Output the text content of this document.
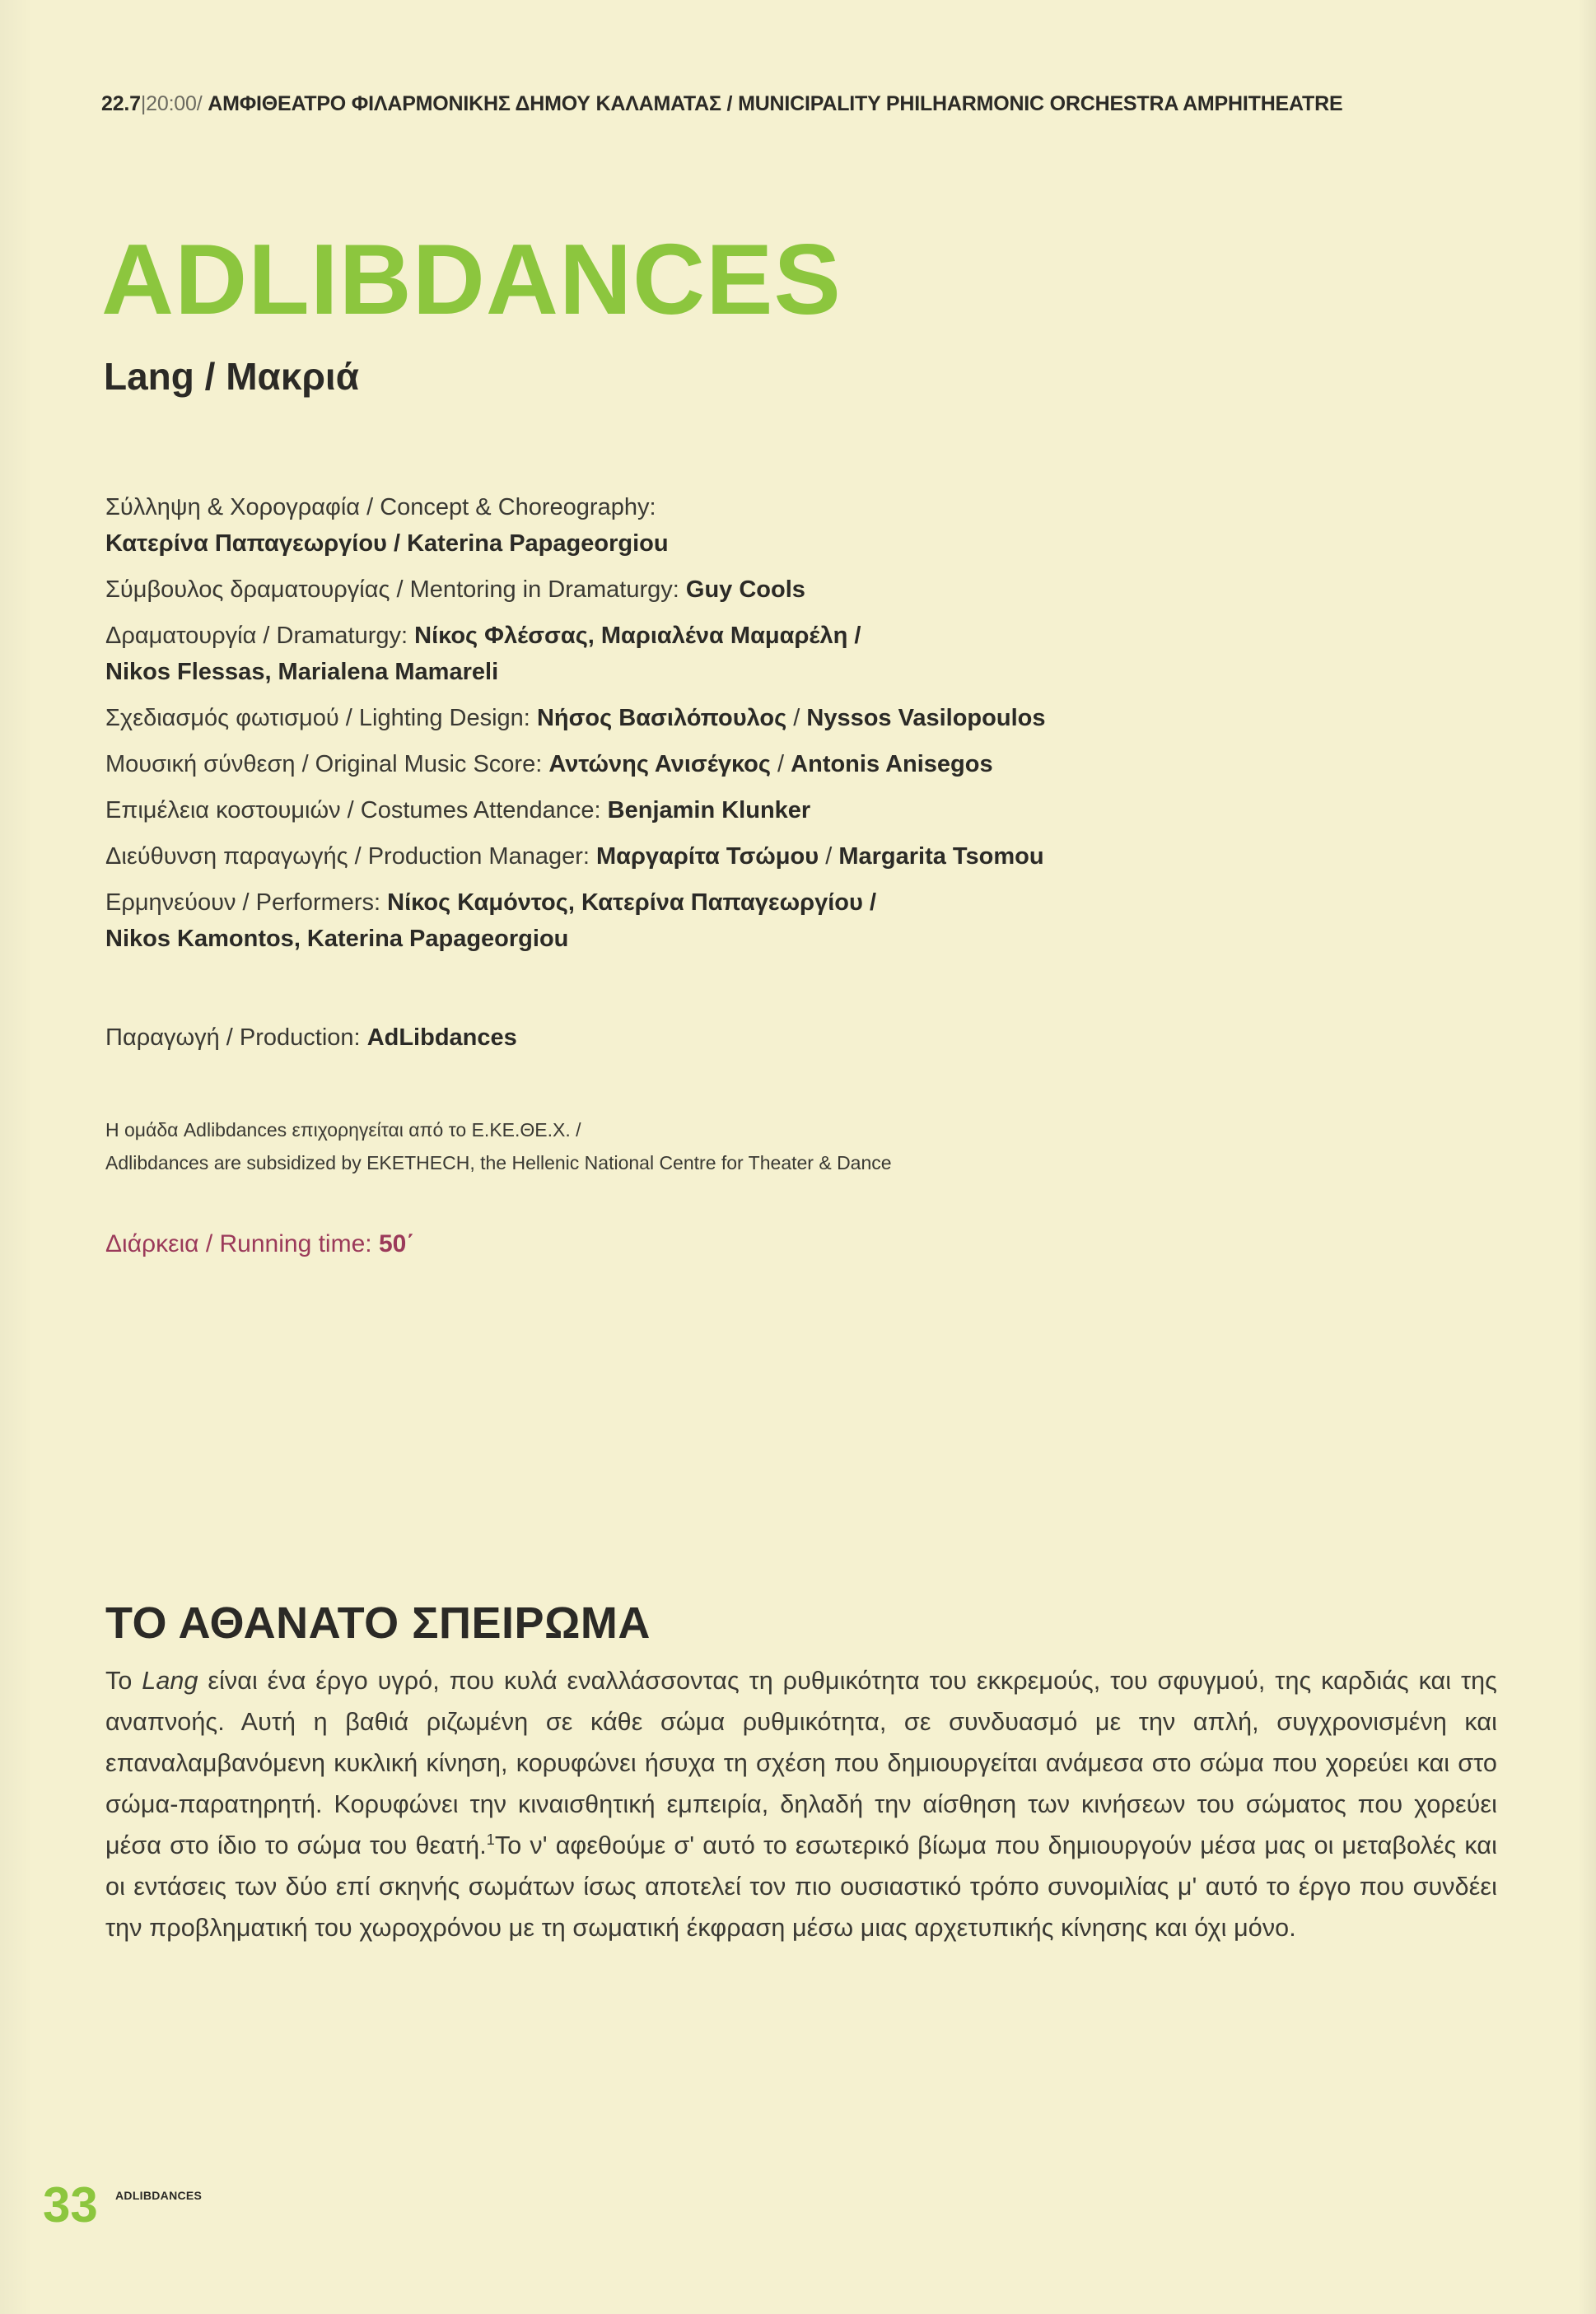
22.7|20:00/ ΑΜΦΙΘΕΑΤΡΟ ΦΙΛΑΡΜΟΝΙΚΗΣ ΔΗΜΟΥ ΚΑΛΑΜΑΤΑΣ / MUNICIPALITY PHILHARMONIC ORCHESTRA AMPHITHEATRE
ADLIBDANCES
Lang / Μακριά
Σύλληψη & Χορογραφία / Concept & Choreography:
Κατερίνα Παπαγεωργίου / Katerina Papageorgiou
Σύμβουλος δραματουργίας / Mentoring in Dramaturgy: Guy Cools
Δραματουργία / Dramaturgy: Νίκος Φλέσσας, Μαριαλένα Μαμαρέλη /
Nikos Flessas, Marialena Mamareli
Σχεδιασμός φωτισμού / Lighting Design: Νήσος Βασιλόπουλος / Nyssos Vasilopoulos
Μουσική σύνθεση / Original Music Score: Αντώνης Ανισέγκος / Antonis Anisegos
Επιμέλεια κοστουμιών / Costumes Attendance: Benjamin Klunker
Διεύθυνση παραγωγής / Production Manager: Μαργαρίτα Τσώμου / Margarita Tsomou
Ερμηνεύουν / Performers: Νίκος Καμόντος, Κατερίνα Παπαγεωργίου /
Nikos Kamontos, Katerina Papageorgiou
Παραγωγή / Production: AdLibdances
Η ομάδα Adlibdances επιχορηγείται από το Ε.ΚΕ.ΘΕ.Χ. /
Adlibdances are subsidized by EKETHECH, the Hellenic National Centre for Theater & Dance
Διάρκεια / Running time: 50΄
ΤΟ ΑΘΑΝΑΤΟ ΣΠΕΙΡΩΜΑ
Το Lang είναι ένα έργο υγρό, που κυλά εναλλάσσοντας τη ρυθμικότητα του εκκρεμούς, του σφυγμού, της καρδιάς και της αναπνοής. Αυτή η βαθιά ριζωμένη σε κάθε σώμα ρυθμικότητα, σε συνδυασμό με την απλή, συγχρονισμένη και επαναλαμβανόμενη κυκλική κίνηση, κορυφώνει ήσυχα τη σχέση που δημιουργείται ανάμεσα στο σώμα που χορεύει και στο σώμα-παρατηρητή. Κορυφώνει την κιναισθητική εμπειρία, δηλαδή την αίσθηση των κινήσεων του σώματος που χορεύει μέσα στο ίδιο το σώμα του θεατή.$^1$Το ν' αφεθούμε σ' αυτό το εσωτερικό βίωμα που δημιουργούν μέσα μας οι μεταβολές και οι εντάσεις των δύο επί σκηνής σωμάτων ίσως αποτελεί τον πιο ουσιαστικό τρόπο συνομιλίας μ' αυτό το έργο που συνδέει την προβληματική του χωροχρόνου με τη σωματική έκφραση μέσω μιας αρχετυπικής κίνησης και όχι μόνο.
33 ADLIBDANCES
